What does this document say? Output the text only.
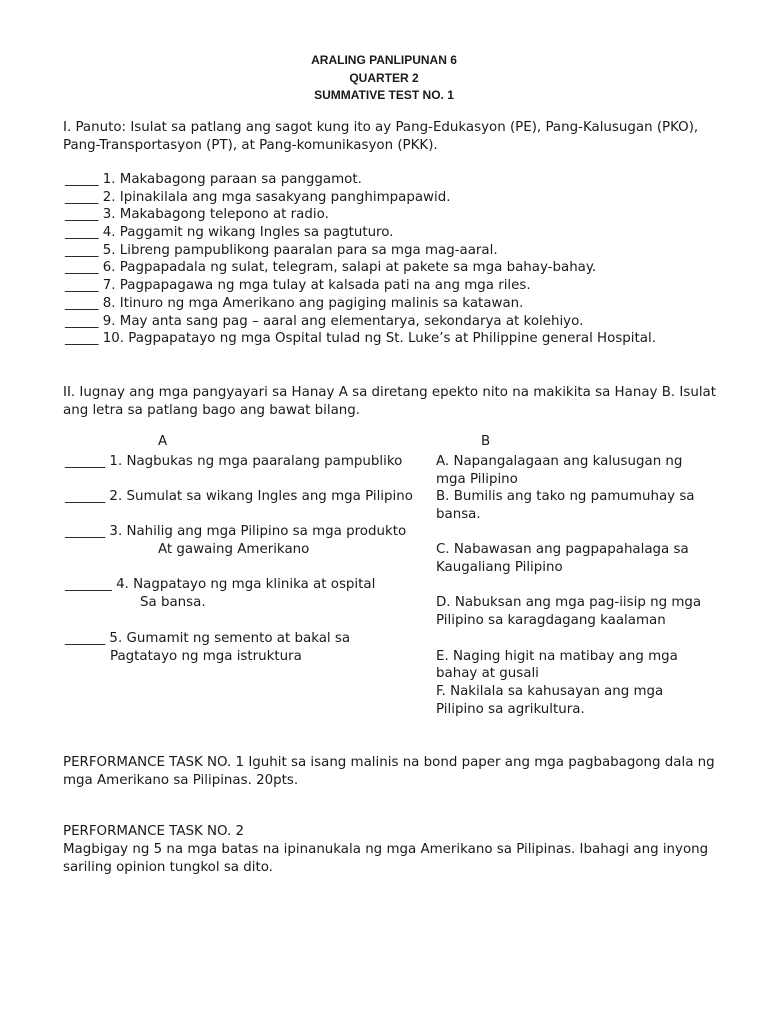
ARALING PANLIPUNAN 6
QUARTER 2
SUMMATIVE TEST NO. 1
I. Panuto: Isulat sa patlang ang sagot kung ito ay Pang-Edukasyon (PE), Pang-Kalusugan (PKO), Pang-Transportasyon (PT), at Pang-komunikasyon (PKK).
_____ 1. Makabagong paraan sa panggamot.
_____ 2. Ipinakilala ang mga sasakyang panghimpapawid.
_____ 3. Makabagong telepono at radio.
_____ 4. Paggamit ng wikang Ingles sa pagtuturo.
_____ 5. Libreng pampublikong paaralan para sa mga mag-aaral.
_____ 6. Pagpapadala ng sulat, telegram, salapi at pakete sa mga bahay-bahay.
_____ 7. Pagpapagawa ng mga tulay at kalsada pati na ang mga riles.
_____ 8. Itinuro ng mga Amerikano ang pagiging malinis sa katawan.
_____ 9. May anta sang pag – aaral ang elementarya, sekondarya at kolehiyo.
_____ 10. Pagpapatayo ng mga Ospital tulad ng St. Luke’s at Philippine general Hospital.
II. Iugnay ang mga pangyayari sa Hanay A sa diretang epekto nito na makikita sa Hanay B. Isulat ang letra sa patlang bago ang bawat bilang.
A	B
______ 1. Nagbukas ng mga paaralang pampubliko
______ 2. Sumulat sa wikang Ingles ang mga Pilipino
______ 3. Nahilig ang mga Pilipino sa mga produkto
At gawaing Amerikano
_______ 4. Nagpatayo ng mga klinika at ospital
Sa bansa.
______ 5. Gumamit ng semento at bakal sa
Pagtatayo ng mga istruktura
A. Napangalagaan ang kalusugan ng
mga Pilipino
B. Bumilis ang tako ng pamumuhay sa
bansa.
C. Nabawasan ang pagpapahalaga sa
Kaugaliang Pilipino
D. Nabuksan ang mga pag-iisip ng mga
Pilipino sa karagdagang kaalaman
E. Naging higit na matibay ang mga
bahay at gusali
F. Nakilala sa kahusayan ang mga
Pilipino sa agrikultura.
PERFORMANCE TASK NO. 1 Iguhit sa isang malinis na bond paper ang mga pagbabagong dala ng mga Amerikano sa Pilipinas. 20pts.
PERFORMANCE TASK NO. 2
Magbigay ng 5 na mga batas na ipinanukala ng mga Amerikano sa Pilipinas. Ibahagi ang inyong sariling opinion tungkol sa dito.
